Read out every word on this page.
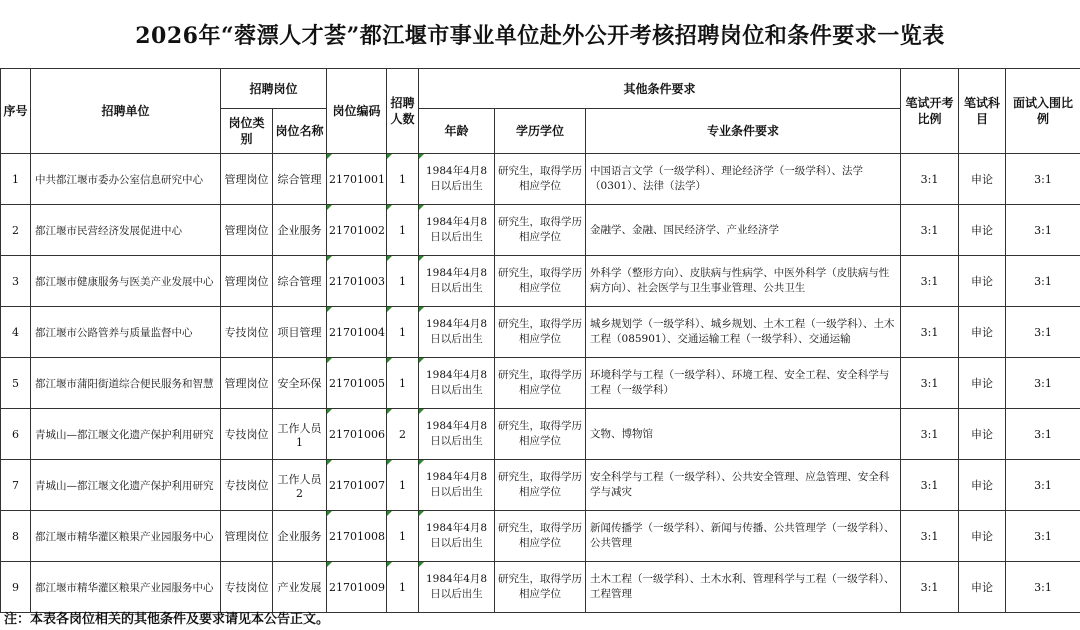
2026年“蓉漂人才荟”都江堰市事业单位赴外公开考核招聘岗位和条件要求一览表
序号	招聘单位	招聘岗位		岗位编码	招聘人数	其他条件要求			笔试开考比例	笔试科目	面试入围比例
		岗位类别	岗位名称			年龄	学历学位	专业条件要求			
1	中共都江堰市委办公室信息研究中心	管理岗位	综合管理	21701001	1	1984年4月8日以后出生	研究生，取得学历相应学位	中国语言文学（一级学科）、理论经济学（一级学科）、法学（0301）、法律（法学）	3:1	申论	3:1
2	都江堰市民营经济发展促进中心	管理岗位	企业服务	21701002	1	1984年4月8日以后出生	研究生，取得学历相应学位	金融学、金融、国民经济学、产业经济学	3:1	申论	3:1
3	都江堰市健康服务与医美产业发展中心	管理岗位	综合管理	21701003	1	1984年4月8日以后出生	研究生，取得学历相应学位	外科学（整形方向）、皮肤病与性病学、中医外科学（皮肤病与性病方向）、社会医学与卫生事业管理、公共卫生	3:1	申论	3:1
4	都江堰市公路管养与质量监督中心	专技岗位	项目管理	21701004	1	1984年4月8日以后出生	研究生，取得学历相应学位	城乡规划学（一级学科）、城乡规划、土木工程（一级学科）、土木工程（085901）、交通运输工程（一级学科）、交通运输	3:1	申论	3:1
5	都江堰市蒲阳街道综合便民服务和智慧	管理岗位	安全环保	21701005	1	1984年4月8日以后出生	研究生，取得学历相应学位	环境科学与工程（一级学科）、环境工程、安全工程、安全科学与工程（一级学科）	3:1	申论	3:1
6	青城山—都江堰文化遗产保护利用研究	专技岗位	工作人员1	21701006	2	1984年4月8日以后出生	研究生，取得学历相应学位	文物、博物馆	3:1	申论	3:1
7	青城山—都江堰文化遗产保护利用研究	专技岗位	工作人员2	21701007	1	1984年4月8日以后出生	研究生，取得学历相应学位	安全科学与工程（一级学科）、公共安全管理、应急管理、安全科学与减灾	3:1	申论	3:1
8	都江堰市精华灌区粮果产业园服务中心	管理岗位	企业服务	21701008	1	1984年4月8日以后出生	研究生，取得学历相应学位	新闻传播学（一级学科）、新闻与传播、公共管理学（一级学科）、公共管理	3:1	申论	3:1
9	都江堰市精华灌区粮果产业园服务中心	专技岗位	产业发展	21701009	1	1984年4月8日以后出生	研究生，取得学历相应学位	土木工程（一级学科）、土木水利、管理科学与工程（一级学科）、工程管理	3:1	申论	3:1
注：本表各岗位相关的其他条件及要求请见本公告正文。
